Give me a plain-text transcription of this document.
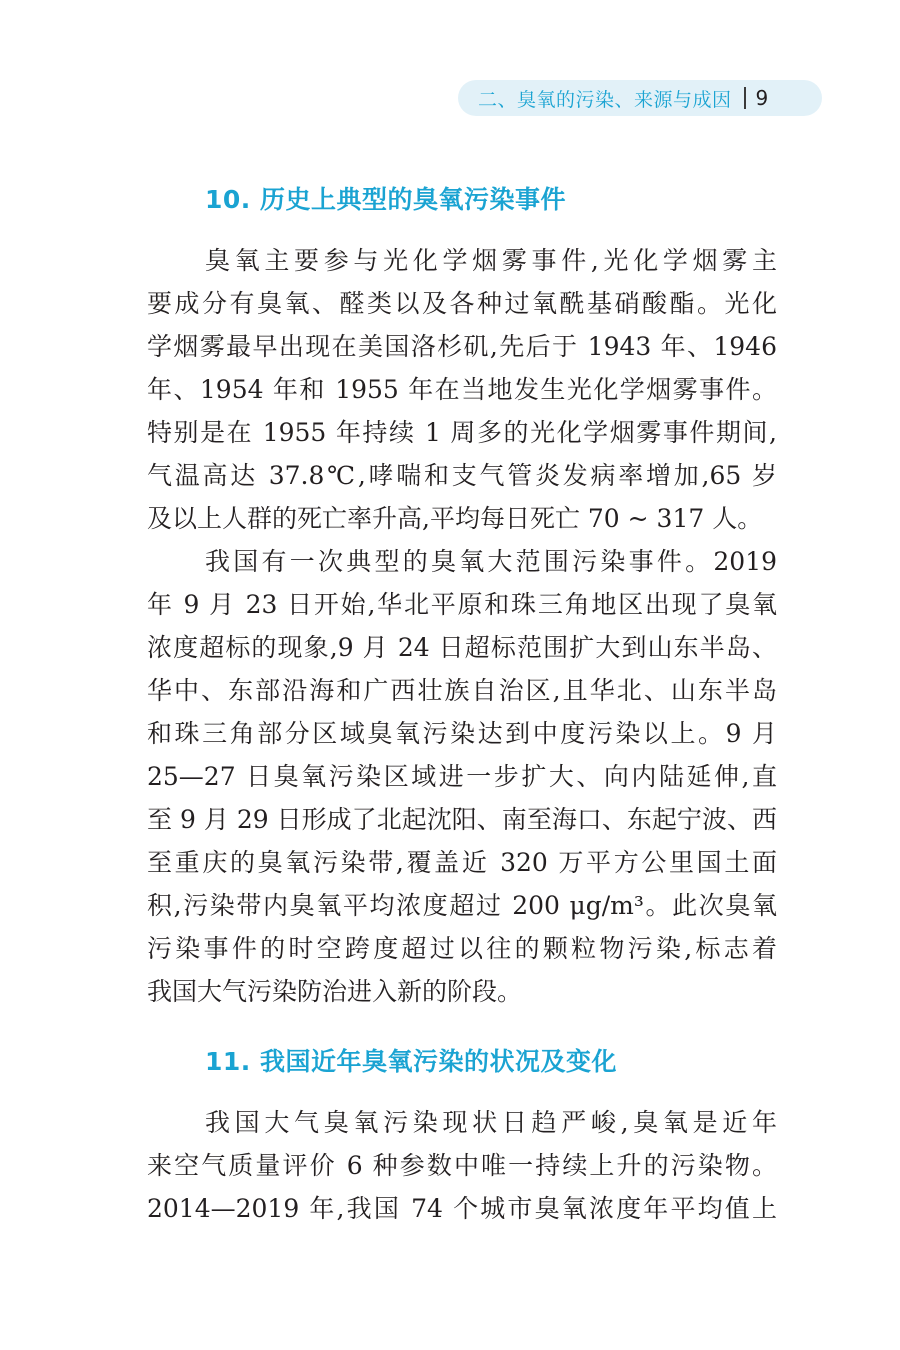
二、臭氧的污染、来源与成因 9
10. 历史上典型的臭氧污染事件
臭氧主要参与光化学烟雾事件,光化学烟雾主
要成分有臭氧、醛类以及各种过氧酰基硝酸酯。光化
学烟雾最早出现在美国洛杉矶,先后于 1943 年、1946
年、1954 年和 1955 年在当地发生光化学烟雾事件。
特别是在 1955 年持续 1 周多的光化学烟雾事件期间,
气温高达 37.8℃,哮喘和支气管炎发病率增加,65 岁
及以上人群的死亡率升高,平均每日死亡 70 ~ 317 人。
我国有一次典型的臭氧大范围污染事件。2019
年 9 月 23 日开始,华北平原和珠三角地区出现了臭氧
浓度超标的现象,9 月 24 日超标范围扩大到山东半岛、
华中、东部沿海和广西壮族自治区,且华北、山东半岛
和珠三角部分区域臭氧污染达到中度污染以上。9 月
25—27 日臭氧污染区域进一步扩大、向内陆延伸,直
至 9 月 29 日形成了北起沈阳、南至海口、东起宁波、西
至重庆的臭氧污染带,覆盖近 320 万平方公里国土面
积,污染带内臭氧平均浓度超过 200 μg/m³。此次臭氧
污染事件的时空跨度超过以往的颗粒物污染,标志着
我国大气污染防治进入新的阶段。
11. 我国近年臭氧污染的状况及变化
我国大气臭氧污染现状日趋严峻,臭氧是近年
来空气质量评价 6 种参数中唯一持续上升的污染物。
2014—2019 年,我国 74 个城市臭氧浓度年平均值上
